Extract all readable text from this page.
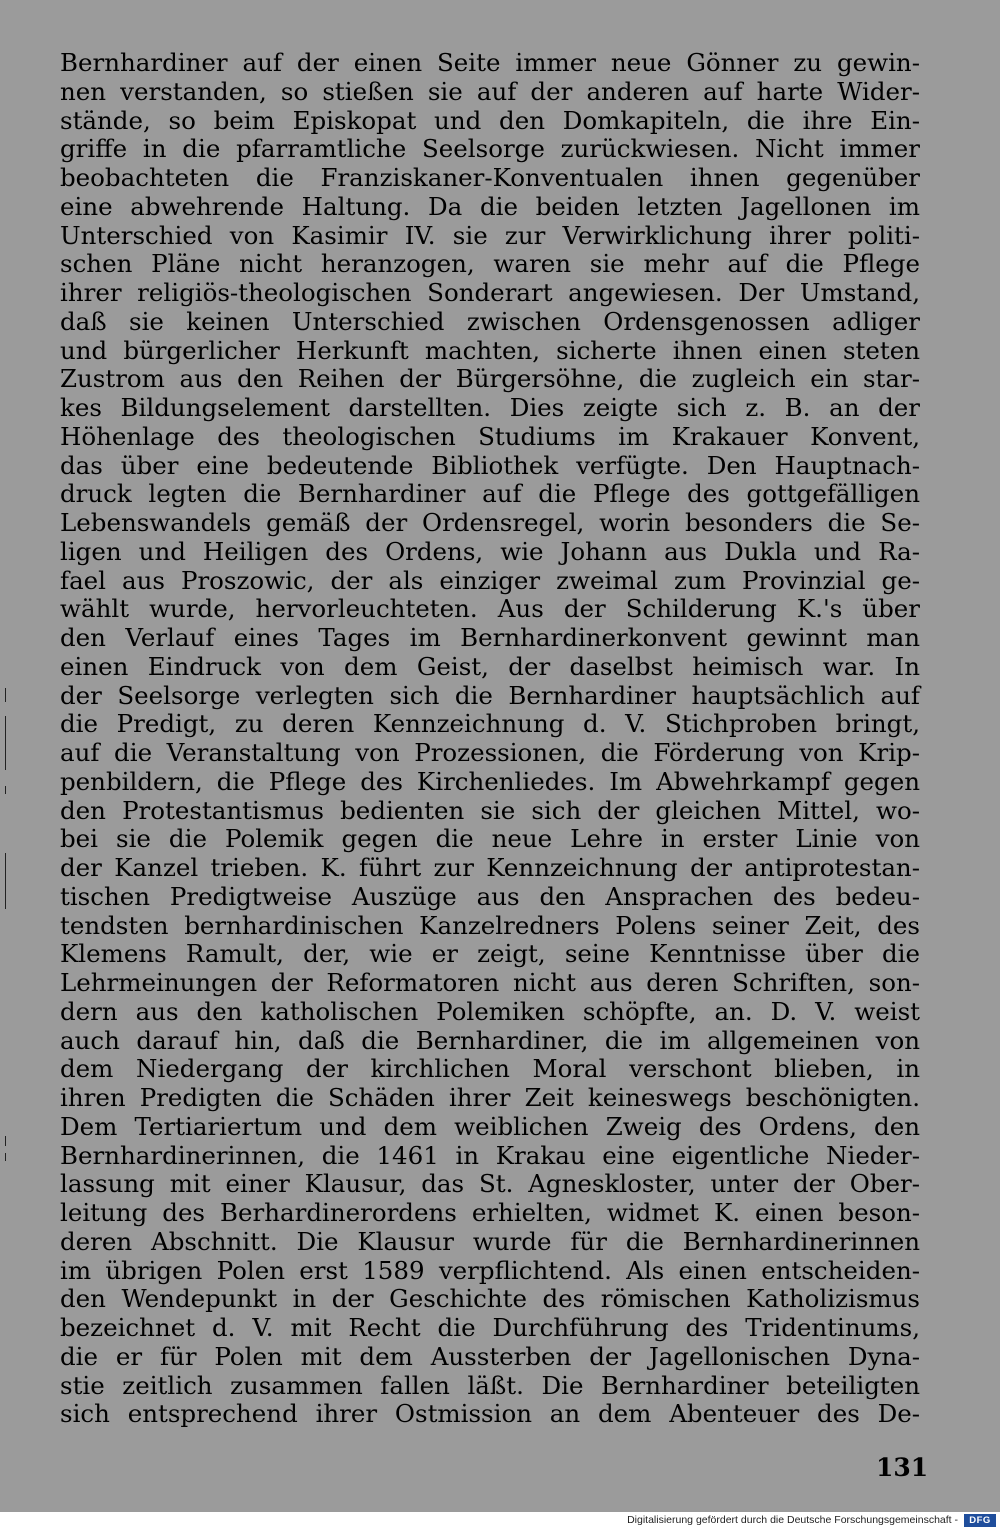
Bernhardiner auf der einen Seite immer neue Gönner zu gewin-
nen verstanden, so stießen sie auf der anderen auf harte Wider-
stände, so beim Episkopat und den Domkapiteln, die ihre Ein-
griffe in die pfarramtliche Seelsorge zurückwiesen. Nicht immer
beobachteten die Franziskaner-Konventualen ihnen gegenüber
eine abwehrende Haltung. Da die beiden letzten Jagellonen im
Unterschied von Kasimir IV. sie zur Verwirklichung ihrer politi-
schen Pläne nicht heranzogen, waren sie mehr auf die Pflege
ihrer religiös-theologischen Sonderart angewiesen. Der Umstand,
daß sie keinen Unterschied zwischen Ordensgenossen adliger
und bürgerlicher Herkunft machten, sicherte ihnen einen steten
Zustrom aus den Reihen der Bürgersöhne, die zugleich ein star-
kes Bildungselement darstellten. Dies zeigte sich z. B. an der
Höhenlage des theologischen Studiums im Krakauer Konvent,
das über eine bedeutende Bibliothek verfügte. Den Hauptnach-
druck legten die Bernhardiner auf die Pflege des gottgefälligen
Lebenswandels gemäß der Ordensregel, worin besonders die Se-
ligen und Heiligen des Ordens, wie Johann aus Dukla und Ra-
fael aus Proszowic, der als einziger zweimal zum Provinzial ge-
wählt wurde, hervorleuchteten. Aus der Schilderung K.'s über
den Verlauf eines Tages im Bernhardinerkonvent gewinnt man
einen Eindruck von dem Geist, der daselbst heimisch war. In
der Seelsorge verlegten sich die Bernhardiner hauptsächlich auf
die Predigt, zu deren Kennzeichnung d. V. Stichproben bringt,
auf die Veranstaltung von Prozessionen, die Förderung von Krip-
penbildern, die Pflege des Kirchenliedes. Im Abwehrkampf gegen
den Protestantismus bedienten sie sich der gleichen Mittel, wo-
bei sie die Polemik gegen die neue Lehre in erster Linie von
der Kanzel trieben. K. führt zur Kennzeichnung der antiprotestan-
tischen Predigtweise Auszüge aus den Ansprachen des bedeu-
tendsten bernhardinischen Kanzelredners Polens seiner Zeit, des
Klemens Ramult, der, wie er zeigt, seine Kenntnisse über die
Lehrmeinungen der Reformatoren nicht aus deren Schriften, son-
dern aus den katholischen Polemiken schöpfte, an. D. V. weist
auch darauf hin, daß die Bernhardiner, die im allgemeinen von
dem Niedergang der kirchlichen Moral verschont blieben, in
ihren Predigten die Schäden ihrer Zeit keineswegs beschönigten.
Dem Tertiariertum und dem weiblichen Zweig des Ordens, den
Bernhardinerinnen, die 1461 in Krakau eine eigentliche Nieder-
lassung mit einer Klausur, das St. Agneskloster, unter der Ober-
leitung des Berhardinerordens erhielten, widmet K. einen beson-
deren Abschnitt. Die Klausur wurde für die Bernhardinerinnen
im übrigen Polen erst 1589 verpflichtend. Als einen entscheiden-
den Wendepunkt in der Geschichte des römischen Katholizismus
bezeichnet d. V. mit Recht die Durchführung des Tridentinums,
die er für Polen mit dem Aussterben der Jagellonischen Dyna-
stie zeitlich zusammen fallen läßt. Die Bernhardiner beteiligten
sich entsprechend ihrer Ostmission an dem Abenteuer des De-
131
Digitalisierung gefördert durch die Deutsche Forschungsgemeinschaft -	DFG
